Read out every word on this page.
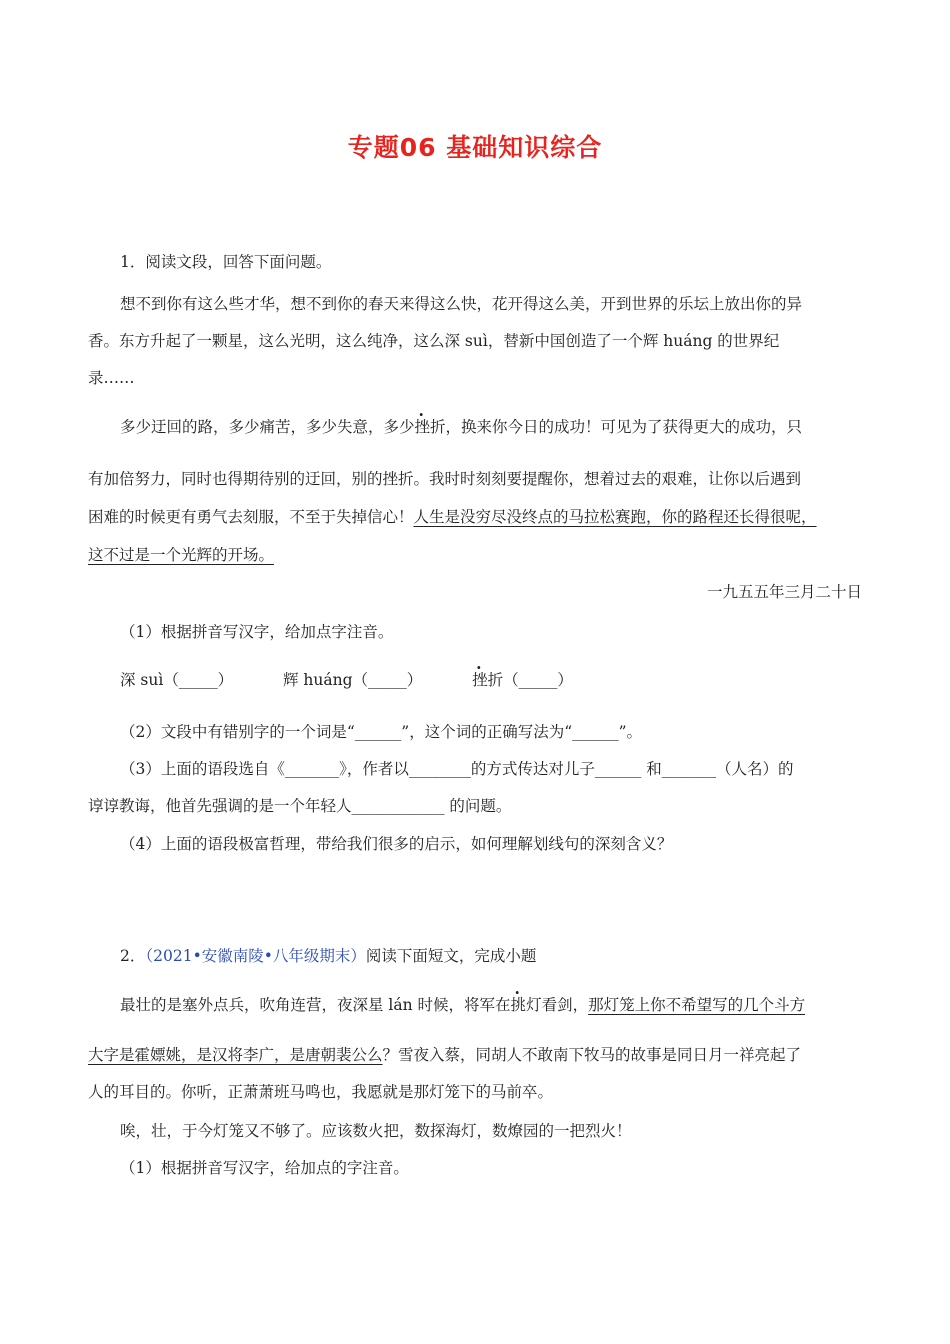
专题06 基础知识综合
1．阅读文段，回答下面问题。
想不到你有这么些才华，想不到你的春天来得这么快，花开得这么美，开到世界的乐坛上放出你的异
香。东方升起了一颗星，这么光明，这么纯净，这么深 suì，替新中国创造了一个辉 huáng 的世界纪
录……
多少迂回的路，多少痛苦，多少失意，多少挫折，换来你今日的成功！可见为了获得更大的成功，只
有加倍努力，同时也得期待别的迂回，别的挫折。我时时刻刻要提醒你，想着过去的艰难，让你以后遇到
困难的时候更有勇气去刻服，不至于失掉信心！人生是没穷尽没终点的马拉松赛跑，你的路程还长得很呢，
这不过是一个光辉的开场。
一九五五年三月二十日
（1）根据拼音写汉字，给加点字注音。
深 suì（_____）	辉 huáng（_____）	挫折（_____）
（2）文段中有错别字的一个词是“______”，这个词的正确写法为“______”。
（3）上面的语段选自《_______》，作者以________的方式传达对儿子______ 和_______（人名）的
谆谆教诲，他首先强调的是一个年轻人____________ 的问题。
（4）上面的语段极富哲理，带给我们很多的启示，如何理解划线句的深刻含义？
2．（2021•安徽南陵•八年级期末）阅读下面短文，完成小题
最壮的是塞外点兵，吹角连营，夜深星 lán 时候，将军在挑灯看剑，那灯笼上你不希望写的几个斗方
大字是霍嫖姚，是汉将李广，是唐朝裴公么？雪夜入蔡，同胡人不敢南下牧马的故事是同日月一祥亮起了
人的耳目的。你听，正萧萧班马鸣也，我愿就是那灯笼下的马前卒。
唉，壮，于今灯笼又不够了。应该数火把，数探海灯，数燎园的一把烈火！
（1）根据拼音写汉字，给加点的字注音。
